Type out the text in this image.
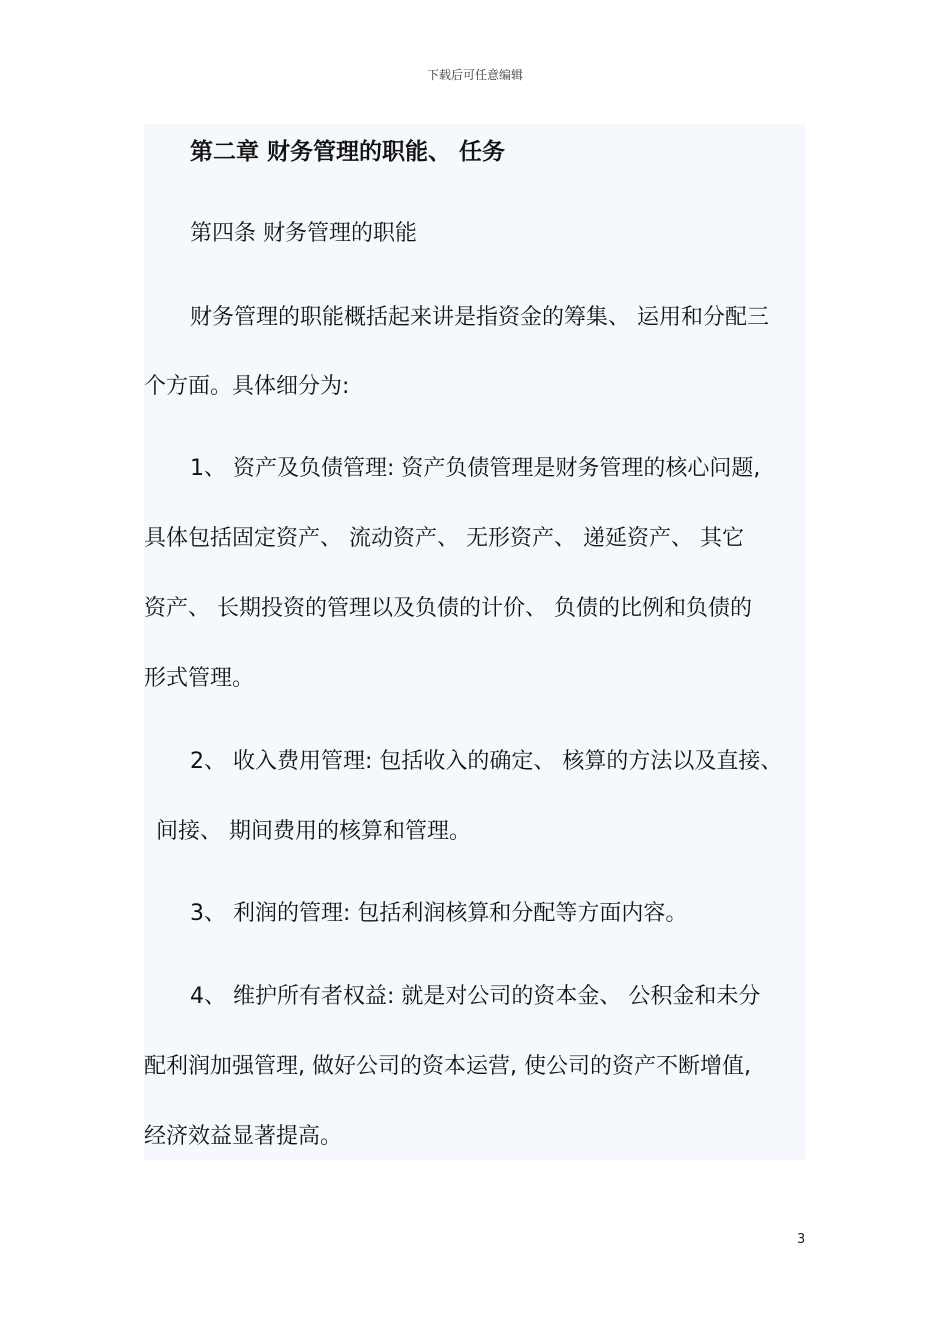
下载后可任意编辑
第二章 财务管理的职能、 任务
第四条 财务管理的职能
财务管理的职能概括起来讲是指资金的筹集、 运用和分配三
个方面。具体细分为:
1、 资产及负债管理: 资产负债管理是财务管理的核心问题,
具体包括固定资产、 流动资产、 无形资产、 递延资产、 其它
资产、 长期投资的管理以及负债的计价、 负债的比例和负债的
形式管理。
2、 收入费用管理: 包括收入的确定、 核算的方法以及直接、
间接、 期间费用的核算和管理。
3、 利润的管理: 包括利润核算和分配等方面内容。
4、 维护所有者权益: 就是对公司的资本金、 公积金和未分
配利润加强管理, 做好公司的资本运营, 使公司的资产不断增值,
经济效益显著提高。
3
